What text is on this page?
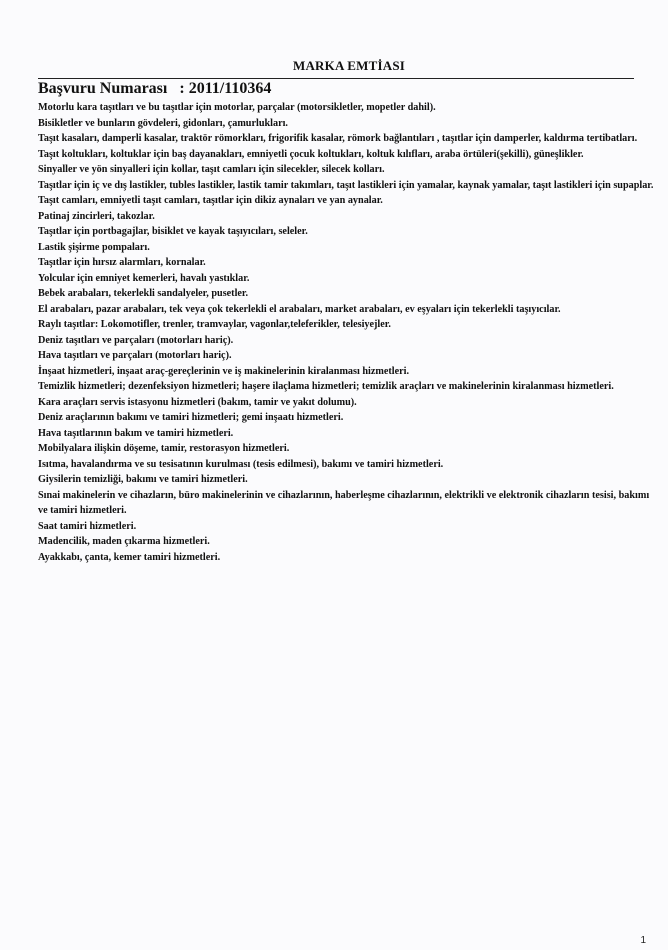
MARKA EMTİASI
Başvuru Numarası : 2011/110364
Motorlu kara taşıtları ve bu taşıtlar için motorlar, parçalar (motorsikletler, mopetler dahil).
Bisikletler ve bunların gövdeleri, gidonları, çamurlukları.
Taşıt kasaları, damperli kasalar, traktör römorkları, frigorifik kasalar, römork bağlantıları , taşıtlar için damperler, kaldırma tertibatları.
Taşıt koltukları, koltuklar için baş dayanakları, emniyetli çocuk koltukları, koltuk kılıfları, araba örtüleri(şekilli), güneşlikler.
Sinyaller ve yön sinyalleri için kollar, taşıt camları için silecekler, silecek kolları.
Taşıtlar için iç ve dış lastikler, tubles lastikler, lastik tamir takımları, taşıt lastikleri için yamalar, kaynak yamalar, taşıt lastikleri için supaplar.
Taşıt camları, emniyetli taşıt camları, taşıtlar için dikiz aynaları ve yan aynalar.
Patinaj zincirleri, takozlar.
Taşıtlar için portbagajlar, bisiklet ve kayak taşıyıcıları, seleler.
Lastik şişirme pompaları.
Taşıtlar için hırsız alarmları, kornalar.
Yolcular için emniyet kemerleri, havalı yastıklar.
Bebek arabaları, tekerlekli sandalyeler, pusetler.
El arabaları, pazar arabaları, tek veya çok tekerlekli el arabaları, market arabaları, ev eşyaları için tekerlekli taşıyıcılar.
Raylı taşıtlar: Lokomotifler, trenler, tramvaylar, vagonlar,teleferikler, telesiyejler.
Deniz taşıtları ve parçaları (motorları hariç).
Hava taşıtları ve parçaları (motorları hariç).
İnşaat hizmetleri, inşaat araç-gereçlerinin ve iş makinelerinin kiralanması hizmetleri.
Temizlik hizmetleri; dezenfeksiyon hizmetleri; haşere ilaçlama hizmetleri; temizlik araçları ve makinelerinin kiralanması hizmetleri.
Kara araçları servis istasyonu hizmetleri (bakım, tamir ve yakıt dolumu).
Deniz araçlarının bakımı ve tamiri hizmetleri; gemi inşaatı hizmetleri.
Hava taşıtlarının bakım ve tamiri hizmetleri.
Mobilyalara ilişkin döşeme, tamir, restorasyon hizmetleri.
Isıtma, havalandırma ve su tesisatının kurulması (tesis edilmesi), bakımı ve tamiri hizmetleri.
Giysilerin temizliği, bakımı ve tamiri hizmetleri.
Sınai makinelerin ve cihazların, büro makinelerinin ve cihazlarının, haberleşme cihazlarının, elektrikli ve elektronik cihazların tesisi, bakımı ve tamiri hizmetleri.
Saat tamiri hizmetleri.
Madencilik, maden çıkarma hizmetleri.
Ayakkabı, çanta, kemer tamiri hizmetleri.
1
